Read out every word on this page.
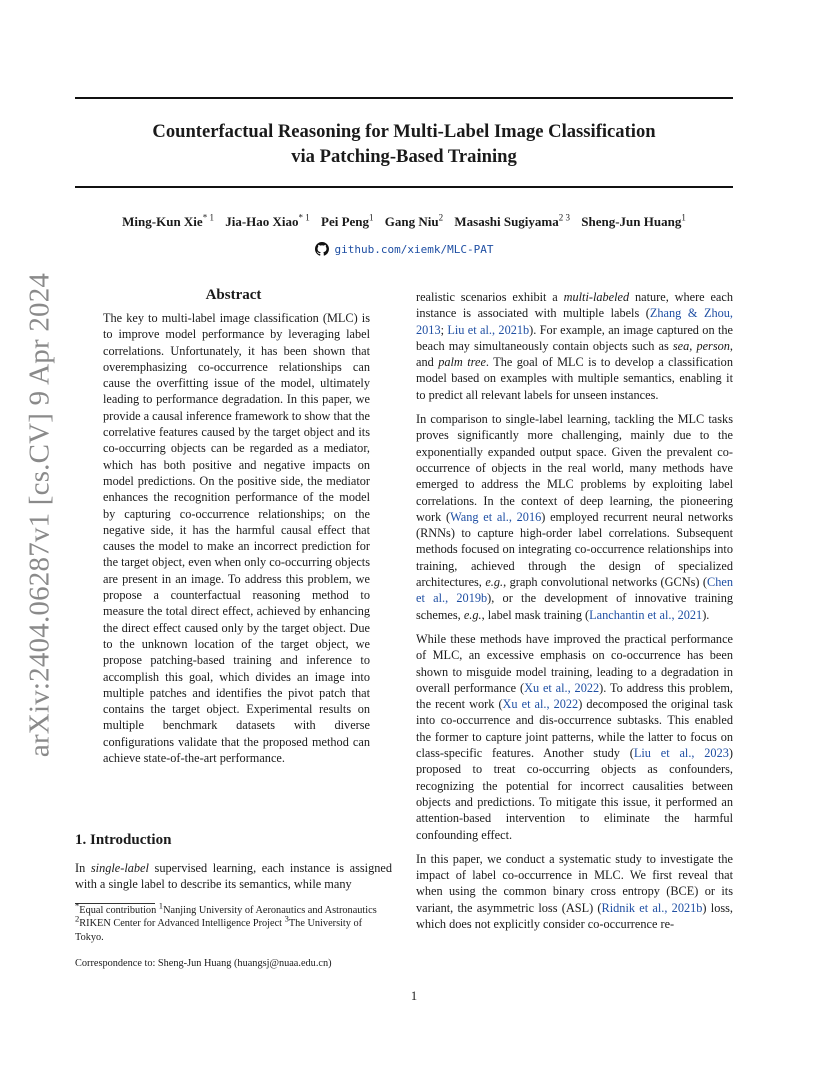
Counterfactual Reasoning for Multi-Label Image Classification
via Patching-Based Training
Ming-Kun Xie$^{* 1}$ Jia-Hao Xiao$^{* 1}$ Pei Peng$^1$ Gang Niu$^2$ Masashi Sugiyama$^{2 3}$ Sheng-Jun Huang$^1$
github.com/xiemk/MLC-PAT
arXiv:2404.06287v1 [cs.CV] 9 Apr 2024	Abstract

The key to multi-label image classification (MLC) is to improve model performance by leveraging label correlations. Unfortunately, it has been shown that overemphasizing co-occurrence relationships can cause the overfitting issue of the model, ultimately leading to performance degradation. In this paper, we provide a causal inference framework to show that the correlative features caused by the target object and its co-occurring objects can be regarded as a mediator, which has both positive and negative impacts on model predictions. On the positive side, the mediator enhances the recognition performance of the model by capturing co-occurrence relationships; on the negative side, it has the harmful causal effect that causes the model to make an incorrect prediction for the target object, even when only co-occurring objects are present in an image. To address this problem, we propose a counterfactual reasoning method to measure the total direct effect, achieved by enhancing the direct effect caused only by the target object. Due to the unknown location of the target object, we propose patching-based training and inference to accomplish this goal, which divides an image into multiple patches and identifies the pivot patch that contains the target object. Experimental results on multiple benchmark datasets with diverse configurations validate that the proposed method can achieve state-of-the-art performance.

1. Introduction

In single-label supervised learning, each instance is assigned with a single label to describe its semantics, while many

*Equal contribution $^1$Nanjing University of Aeronautics and Astronautics $^2$RIKEN Center for Advanced Intelligence Project $^3$The University of Tokyo.
Correspondence to: Sheng-Jun Huang (huangsj@nuaa.edu.cn)

realistic scenarios exhibit a multi-labeled nature, where each instance is associated with multiple labels (Zhang & Zhou, 2013; Liu et al., 2021b). For example, an image captured on the beach may simultaneously contain objects such as sea, person, and palm tree. The goal of MLC is to develop a classification model based on examples with multiple semantics, enabling it to predict all relevant labels for unseen instances.

In comparison to single-label learning, tackling the MLC tasks proves significantly more challenging, mainly due to the exponentially expanded output space. Given the prevalent co-occurrence of objects in the real world, many methods have emerged to address the MLC problems by exploiting label correlations. In the context of deep learning, the pioneering work (Wang et al., 2016) employed recurrent neural networks (RNNs) to capture high-order label correlations. Subsequent methods focused on integrating co-occurrence relationships into training, achieved through the design of specialized architectures, e.g., graph convolutional networks (GCNs) (Chen et al., 2019b), or the development of innovative training schemes, e.g., label mask training (Lanchantin et al., 2021).

While these methods have improved the practical performance of MLC, an excessive emphasis on co-occurrence has been shown to misguide model training, leading to a degradation in overall performance (Xu et al., 2022). To address this problem, the recent work (Xu et al., 2022) decomposed the original task into co-occurrence and dis-occurrence subtasks. This enabled the former to capture joint patterns, while the latter to focus on class-specific features. Another study (Liu et al., 2023) proposed to treat co-occurring objects as confounders, recognizing the potential for incorrect causalities between objects and predictions. To mitigate this issue, it performed an attention-based intervention to eliminate the harmful confounding effect.

In this paper, we conduct a systematic study to investigate the impact of label co-occurrence in MLC. We first reveal that when using the common binary cross entropy (BCE) or its variant, the asymmetric loss (ASL) (Ridnik et al., 2021b) loss, which does not explicitly consider co-occurrence re-

1
